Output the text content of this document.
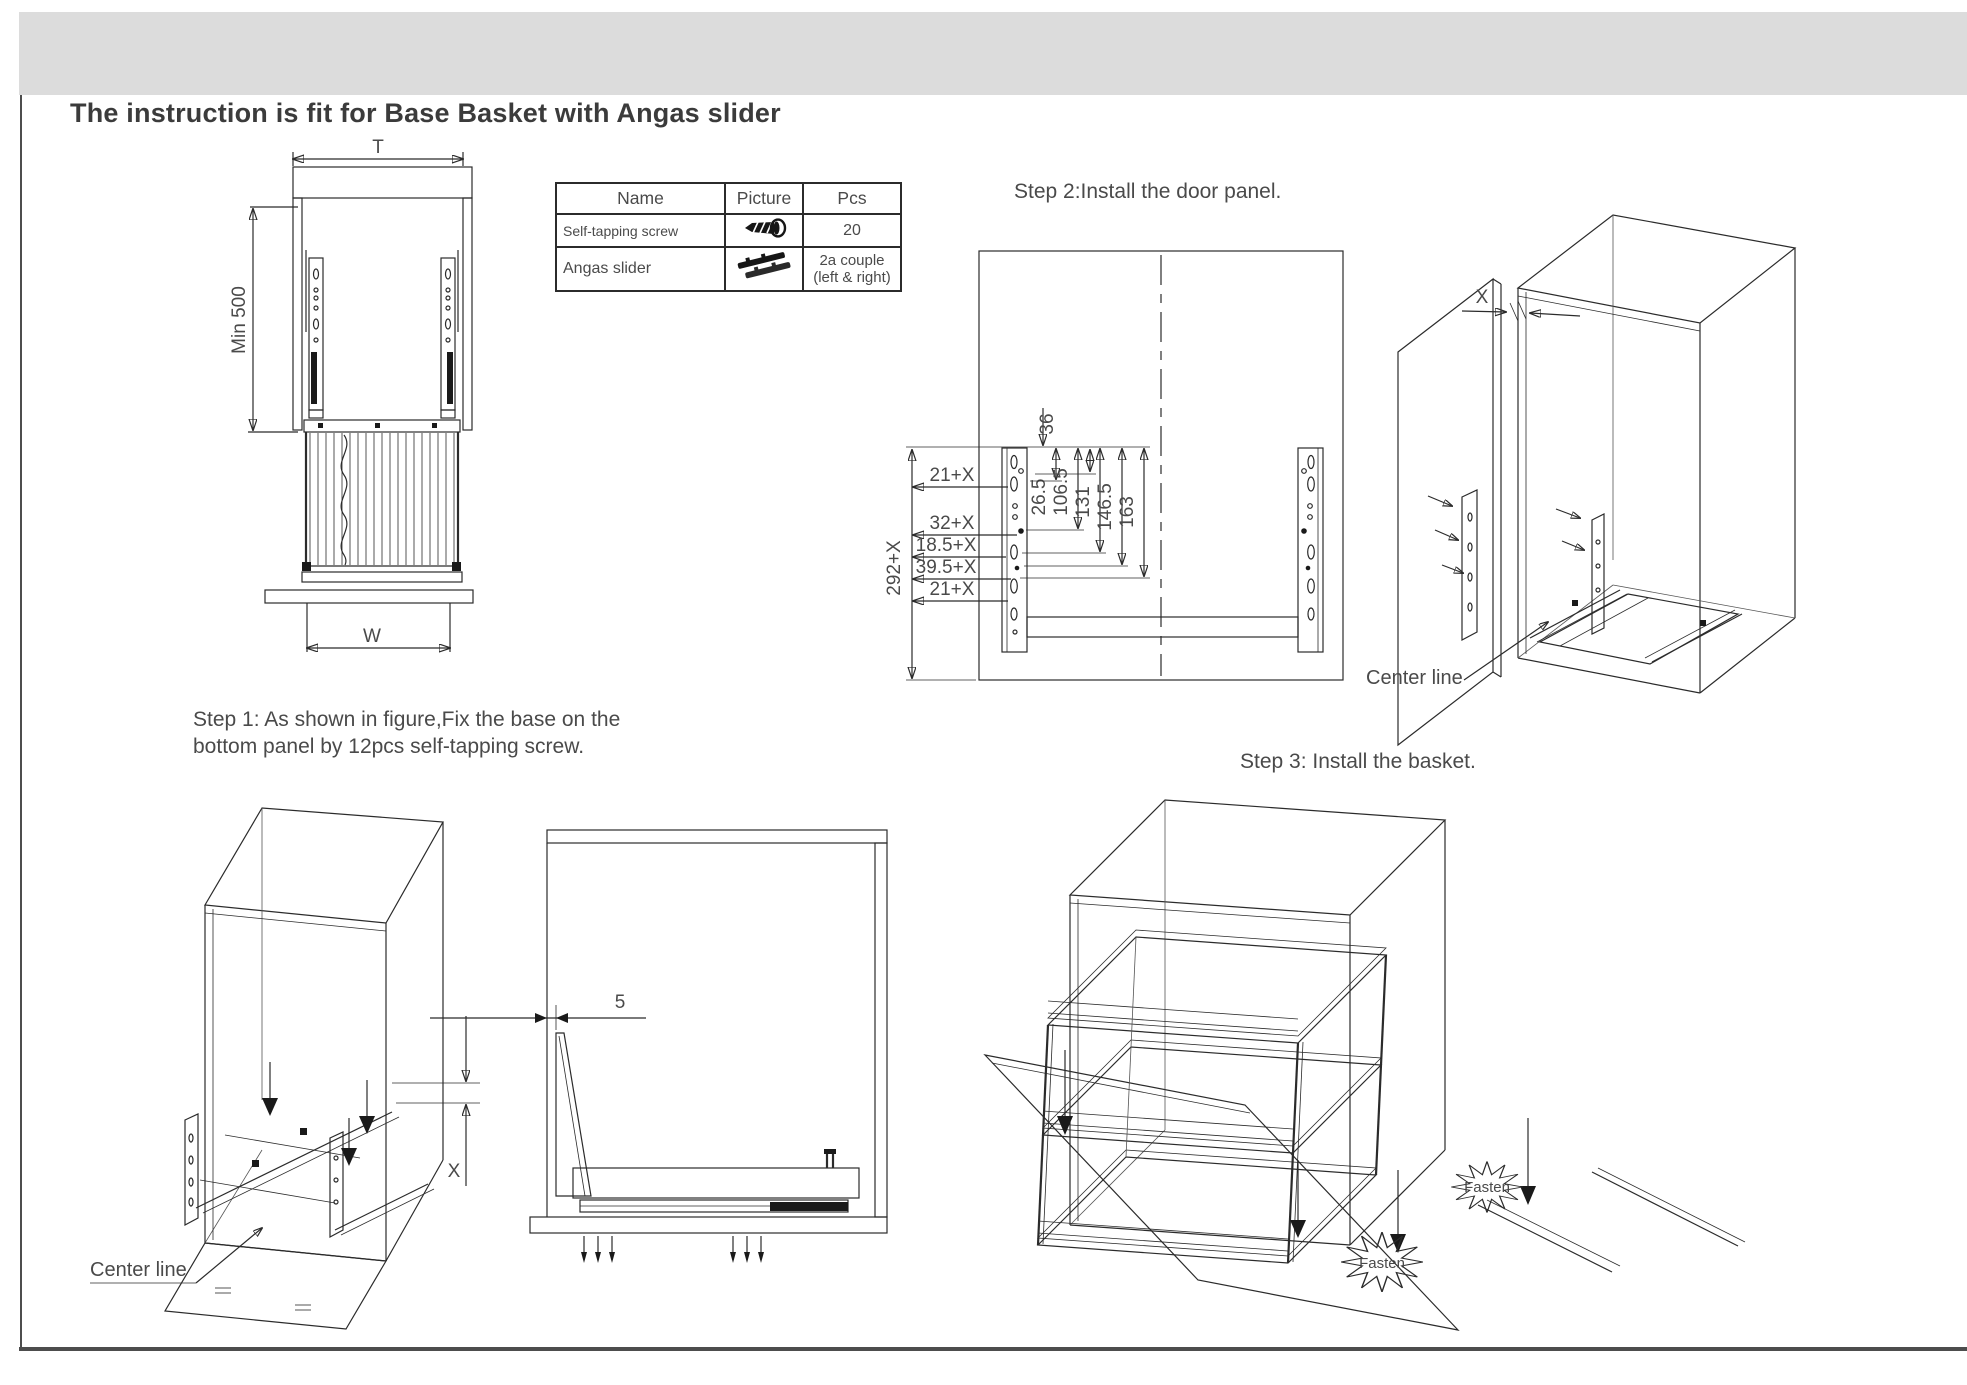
The instruction is fit for Base Basket with Angas slider
T
Min 500
W
292+X
21+X
32+X
18.5+X
39.5+X
21+X
36
26.5 106.5 131 146.5 163
X
Center line
X
Center line
5
Fasten
Fasten
Name	Picture	Pcs
Self-tapping screw		20
Angas slider		2a couple
(left & right)
Step 2:Install the door panel.
Step 3: Install the basket.
Step 1: As shown in figure,Fix the base on the
bottom panel by 12pcs self-tapping screw.
